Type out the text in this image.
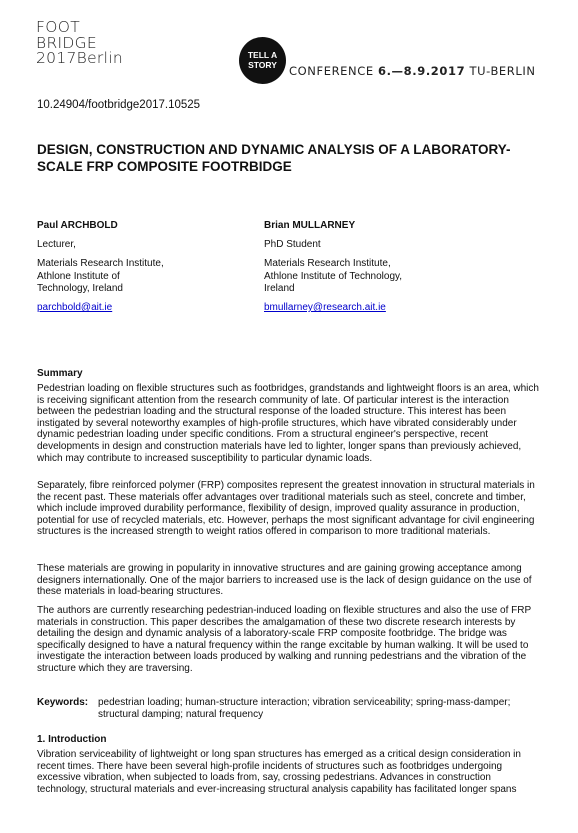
FOOT
BRIDGE
2017Berlin	TELL A
STORY	CONFERENCE 6.—8.9.2017 TU-BERLIN
10.24904/footbridge2017.10525
DESIGN, CONSTRUCTION AND DYNAMIC ANALYSIS OF A LABORATORY-SCALE FRP COMPOSITE FOOTRBIDGE
Paul ARCHBOLD
Lecturer,
Materials Research Institute,
Athlone Institute of
Technology, Ireland
parchbold@ait.ie
Brian MULLARNEY
PhD Student
Materials Research Institute,
Athlone Institute of Technology,
Ireland
bmullarney@research.ait.ie
Summary
Pedestrian loading on flexible structures such as footbridges, grandstands and lightweight floors is an area, which is receiving significant attention from the research community of late. Of particular interest is the interaction between the pedestrian loading and the structural response of the loaded structure. This interest has been instigated by several noteworthy examples of high-profile structures, which have vibrated considerably under dynamic pedestrian loading under specific conditions. From a structural engineer's perspective, recent developments in design and construction materials have led to lighter, longer spans than previously achieved, which may contribute to increased susceptibility to particular dynamic loads.
Separately, fibre reinforced polymer (FRP) composites represent the greatest innovation in structural materials in the recent past. These materials offer advantages over traditional materials such as steel, concrete and timber, which include improved durability performance, flexibility of design, improved quality assurance in production, potential for use of recycled materials, etc. However, perhaps the most significant advantage for civil engineering structures is the increased strength to weight ratios offered in comparison to more traditional materials.
These materials are growing in popularity in innovative structures and are gaining growing acceptance among designers internationally. One of the major barriers to increased use is the lack of design guidance on the use of these materials in load-bearing structures.
The authors are currently researching pedestrian-induced loading on flexible structures and also the use of FRP materials in construction. This paper describes the amalgamation of these two discrete research interests by detailing the design and dynamic analysis of a laboratory-scale FRP composite footbridge. The bridge was specifically designed to have a natural frequency within the range excitable by human walking. It will be used to investigate the interaction between loads produced by walking and running pedestrians and the vibration of the structure which they are traversing.
Keywords: pedestrian loading; human-structure interaction; vibration serviceability; spring-mass-damper; structural damping; natural frequency
1. Introduction
Vibration serviceability of lightweight or long span structures has emerged as a critical design consideration in recent times. There have been several high-profile incidents of structures such as footbridges undergoing excessive vibration, when subjected to loads from, say, crossing pedestrians. Advances in construction technology, structural materials and ever-increasing structural analysis capability has facilitated longer spans
